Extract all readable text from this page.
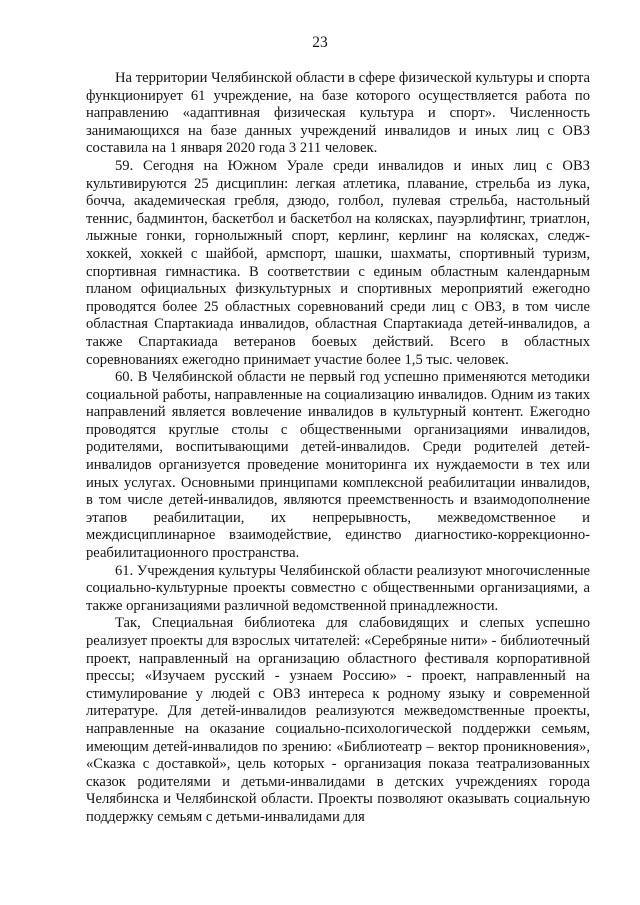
23

На территории Челябинской области в сфере физической культуры и спорта функционирует 61 учреждение, на базе которого осуществляется работа по направлению «адаптивная физическая культура и спорт». Численность занимающихся на базе данных учреждений инвалидов и иных лиц с ОВЗ составила на 1 января 2020 года 3 211 человек.

59. Сегодня на Южном Урале среди инвалидов и иных лиц с ОВЗ культивируются 25 дисциплин: легкая атлетика, плавание, стрельба из лука, бочча, академическая гребля, дзюдо, голбол, пулевая стрельба, настольный теннис, бадминтон, баскетбол и баскетбол на колясках, пауэрлифтинг, триатлон, лыжные гонки, горнолыжный спорт, керлинг, керлинг на колясках, следж-хоккей, хоккей с шайбой, армспорт, шашки, шахматы, спортивный туризм, спортивная гимнастика. В соответствии с единым областным календарным планом официальных физкультурных и спортивных мероприятий ежегодно проводятся более 25 областных соревнований среди лиц с ОВЗ, в том числе областная Спартакиада инвалидов, областная Спартакиада детей-инвалидов, а также Спартакиада ветеранов боевых действий. Всего в областных соревнованиях ежегодно принимает участие более 1,5 тыс. человек.

60. В Челябинской области не первый год успешно применяются методики социальной работы, направленные на социализацию инвалидов. Одним из таких направлений является вовлечение инвалидов в культурный контент. Ежегодно проводятся круглые столы с общественными организациями инвалидов, родителями, воспитывающими детей-инвалидов. Среди родителей детей-инвалидов организуется проведение мониторинга их нуждаемости в тех или иных услугах. Основными принципами комплексной реабилитации инвалидов, в том числе детей-инвалидов, являются преемственность и взаимодополнение этапов реабилитации, их непрерывность, межведомственное и междисциплинарное взаимодействие, единство диагностико-коррекционно-реабилитационного пространства.

61. Учреждения культуры Челябинской области реализуют многочисленные социально-культурные проекты совместно с общественными организациями, а также организациями различной ведомственной принадлежности.

Так, Специальная библиотека для слабовидящих и слепых успешно реализует проекты для взрослых читателей: «Серебряные нити» - библиотечный проект, направленный на организацию областного фестиваля корпоративной прессы; «Изучаем русский - узнаем Россию» - проект, направленный на стимулирование у людей с ОВЗ интереса к родному языку и современной литературе. Для детей-инвалидов реализуются межведомственные проекты, направленные на оказание социально-психологической поддержки семьям, имеющим детей-инвалидов по зрению: «Библиотеатр – вектор проникновения», «Сказка с доставкой», цель которых - организация показа театрализованных сказок родителями и детьми-инвалидами в детских учреждениях города Челябинска и Челябинской области. Проекты позволяют оказывать социальную поддержку семьям с детьми-инвалидами для
